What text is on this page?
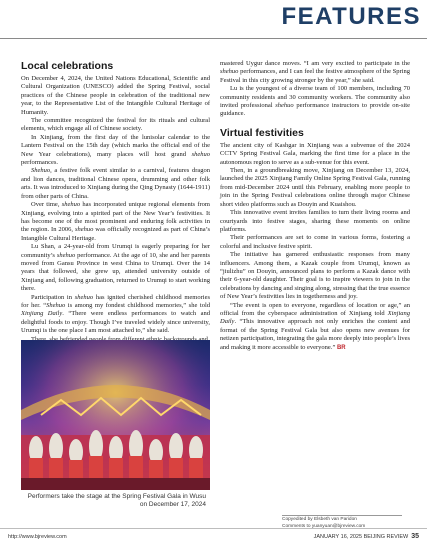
FEATURES
Local celebrations

On December 4, 2024, the United Nations Educational, Scientific and Cultural Organization (UNESCO) added the Spring Festival, social practices of the Chinese people in celebration of the traditional new year, to the Representative List of the Intangible Cultural Heritage of Humanity.

The committee recognized the festival for its rituals and cultural elements, which engage all of Chinese society.

In Xinjiang, from the first day of the lunisolar calendar to the Lantern Festival on the 15th day (which marks the official end of the New Year celebrations), many places will host grand shehuo performances.

Shehuo, a festive folk event similar to a carnival, features dragon and lion dances, traditional Chinese opera, drumming and other folk arts. It was introduced to Xinjiang during the Qing Dynasty (1644-1911) from other parts of China.

Over time, shehuo has incorporated unique regional elements from Xinjiang, evolving into a spirited part of the New Year’s festivities. It has become one of the most prominent and enduring folk activities in the region. In 2006, shehuo was officially recognized as part of China’s Intangible Cultural Heritage.

Lu Shan, a 24-year-old from Urumqi is eagerly preparing for her community’s shehuo performance. At the age of 10, she and her parents moved from Gansu Province in west China to Urumqi. Over the 14 years that followed, she grew up, attended university outside of Xinjiang and, following graduation, returned to Urumqi to start working there.

Participation in shehuo has ignited cherished childhood memories for her. “Shehuo is among my fondest childhood memories,” she told Xinjiang Daily. “There were endless performances to watch and delightful foods to enjoy. Though I’ve traveled widely since university, Urumqi is the one place I am most attached to,” she said.

Performers take the stage at the Spring Festival Gala in Wusu on December 17, 2024

mastered Uygur dance moves. “I am very excited to participate in the shehuo performances, and I can feel the festive atmosphere of the Spring Festival in this city growing stronger by the year,” she said.

Lu is the youngest of a diverse team of 100 members, including 70 community residents and 30 community workers. The community also invited professional shehuo performance instructors to provide on-site guidance.

Virtual festivities

The ancient city of Kashgar in Xinjiang was a subvenue of the 2024 CCTV Spring Festival Gala, marking the first time for a place in the autonomous region to serve as a sub-venue for this event.

Then, in a groundbreaking move, Xinjiang on December 13, 2024, launched the 2025 Xinjiang Family Online Spring Festival Gala, running from mid-December 2024 until this February, enabling more people to join in the Spring Festival celebrations online through major Chinese short video platforms such as Douyin and Kuaishou.

This innovative event invites families to turn their living rooms and courtyards into festive stages, sharing these moments on online platforms.

Their performances are set to come in various forms, fostering a colorful and inclusive festive spirit.

The initiative has garnered enthusiastic responses from many influencers. Among them, a Kazak couple from Urumqi, known as “jiulizhu” on Douyin, announced plans to perform a Kazak dance with their 6-year-old daughter. Their goal is to inspire viewers to join in the celebrations by dancing and singing along, stressing that the true essence of New Year’s festivities lies in togetherness and joy.

“The event is open to everyone, regardless of location or age,” an official from the cyberspace administration of Xinjiang told Xinjiang Daily. “This innovative approach not only enriches the content and format of the Spring Festival Gala but also opens new avenues for netizen participation, integrating the gala more deeply into people’s lives and making it more accessible to everyone.” BR

Copyedited by Elsbeth van Paridon
Comments to yuanyuan@bjreview.com
http://www.bjreview.com	JANUARY 16, 2025 BEIJING REVIEW 35
